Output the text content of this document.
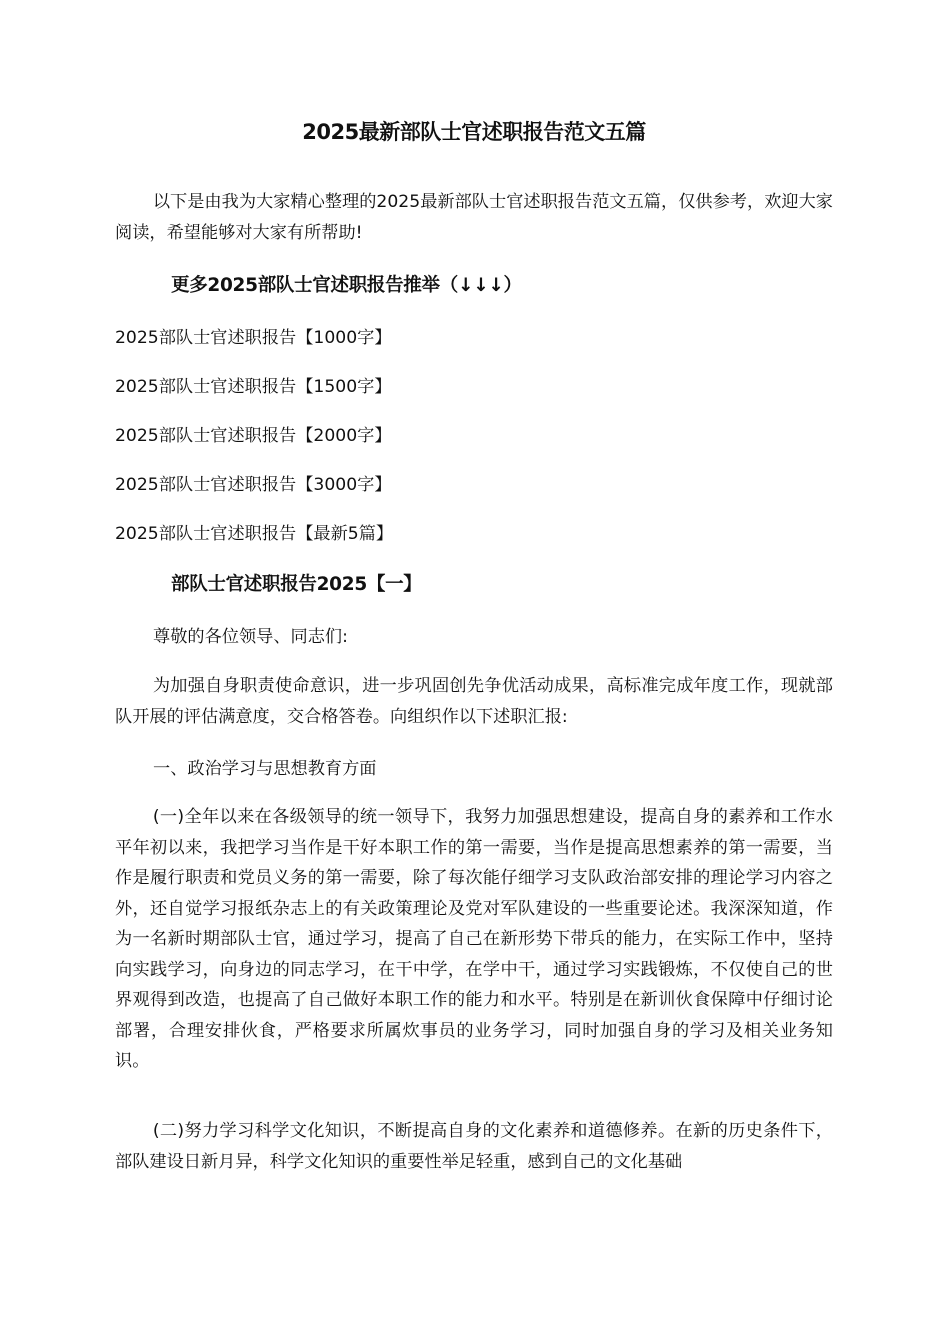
2025最新部队士官述职报告范文五篇

以下是由我为大家精心整理的2025最新部队士官述职报告范文五篇，仅供参考，欢迎大家阅读，希望能够对大家有所帮助!

更多2025部队士官述职报告推举（↓↓↓）
2025部队士官述职报告【1000字】
2025部队士官述职报告【1500字】
2025部队士官述职报告【2000字】
2025部队士官述职报告【3000字】
2025部队士官述职报告【最新5篇】
部队士官述职报告2025【一】
尊敬的各位领导、同志们:

为加强自身职责使命意识，进一步巩固创先争优活动成果，高标准完成年度工作，现就部队开展的评估满意度，交合格答卷。向组织作以下述职汇报:

一、政治学习与思想教育方面

(一)全年以来在各级领导的统一领导下，我努力加强思想建设，提高自身的素养和工作水平年初以来，我把学习当作是干好本职工作的第一需要，当作是提高思想素养的第一需要，当作是履行职责和党员义务的第一需要，除了每次能仔细学习支队政治部安排的理论学习内容之外，还自觉学习报纸杂志上的有关政策理论及党对军队建设的一些重要论述。我深深知道，作为一名新时期部队士官，通过学习，提高了自己在新形势下带兵的能力，在实际工作中，坚持向实践学习，向身边的同志学习，在干中学，在学中干，通过学习实践锻炼，不仅使自己的世界观得到改造，也提高了自己做好本职工作的能力和水平。特别是在新训伙食保障中仔细讨论部署，合理安排伙食，严格要求所属炊事员的业务学习，同时加强自身的学习及相关业务知识。

(二)努力学习科学文化知识，不断提高自身的文化素养和道德修养。在新的历史条件下，部队建设日新月异，科学文化知识的重要性举足轻重，感到自己的文化基础
